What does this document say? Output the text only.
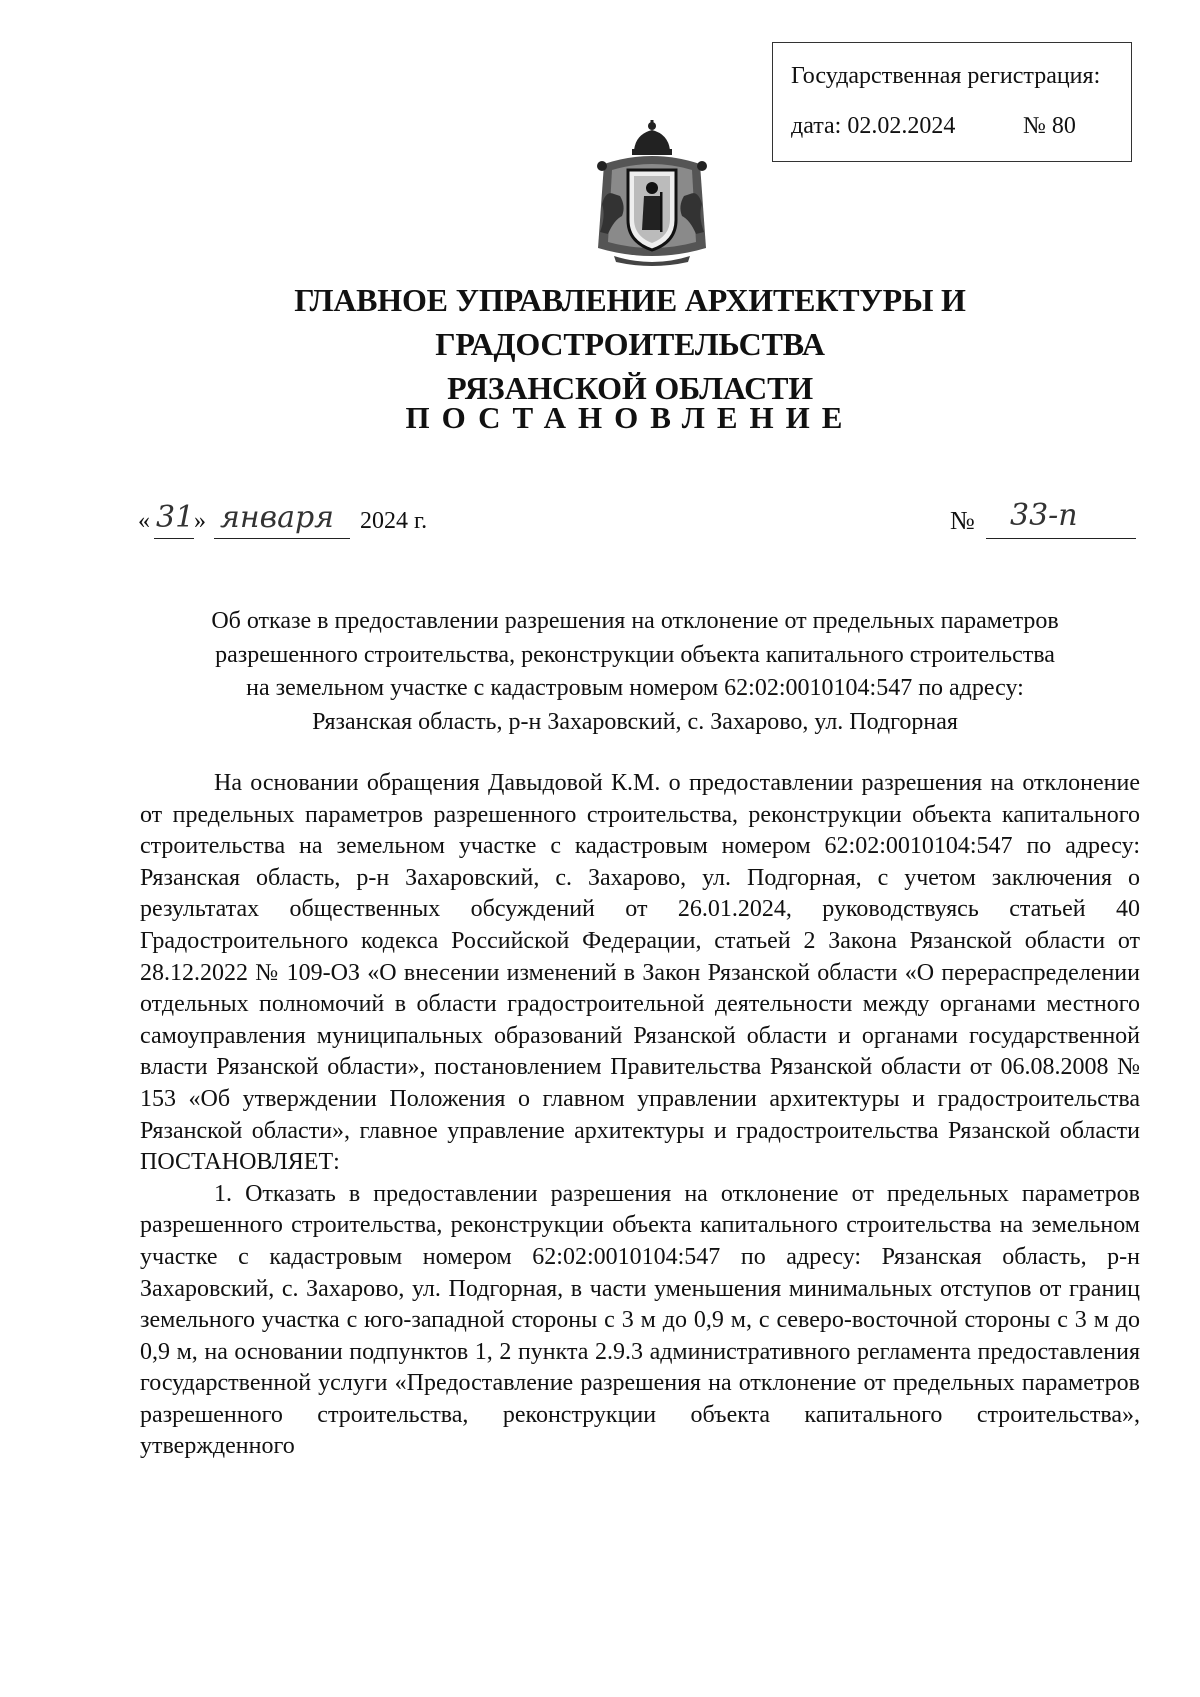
Государственная регистрация:
дата: 02.02.2024	№ 80
ГЛАВНОЕ УПРАВЛЕНИЕ АРХИТЕКТУРЫ И ГРАДОСТРОИТЕЛЬСТВА
РЯЗАНСКОЙ ОБЛАСТИ
ПОСТАНОВЛЕНИЕ
« 31 » января 2024 г.	№ 33-п
Об отказе в предоставлении разрешения на отклонение от предельных параметров
разрешенного строительства, реконструкции объекта капитального строительства
на земельном участке с кадастровым номером 62:02:0010104:547 по адресу:
Рязанская область, р-н Захаровский, с. Захарово, ул. Подгорная

На основании обращения Давыдовой К.М. о предоставлении разрешения на отклонение от предельных параметров разрешенного строительства, реконструкции объекта капитального строительства на земельном участке с кадастровым номером 62:02:0010104:547 по адресу: Рязанская область, р-н Захаровский, с. Захарово, ул. Подгорная, с учетом заключения о результатах общественных обсуждений от 26.01.2024, руководствуясь статьей 40 Градостроительного кодекса Российской Федерации, статьей 2 Закона Рязанской области от 28.12.2022 № 109-ОЗ «О внесении изменений в Закон Рязанской области «О перераспределении отдельных полномочий в области градостроительной деятельности между органами местного самоуправления муниципальных образований Рязанской области и органами государственной власти Рязанской области», постановлением Правительства Рязанской области от 06.08.2008 № 153 «Об утверждении Положения о главном управлении архитектуры и градостроительства Рязанской области», главное управление архитектуры и градостроительства Рязанской области ПОСТАНОВЛЯЕТ:

1. Отказать в предоставлении разрешения на отклонение от предельных параметров разрешенного строительства, реконструкции объекта капитального строительства на земельном участке с кадастровым номером 62:02:0010104:547 по адресу: Рязанская область, р-н Захаровский, с. Захарово, ул. Подгорная, в части уменьшения минимальных отступов от границ земельного участка с юго-западной стороны с 3 м до 0,9 м, с северо-восточной стороны с 3 м до 0,9 м, на основании подпунктов 1, 2 пункта 2.9.3 административного регламента предоставления государственной услуги «Предоставление разрешения на отклонение от предельных параметров разрешенного строительства, реконструкции объекта капитального строительства», утвержденного
